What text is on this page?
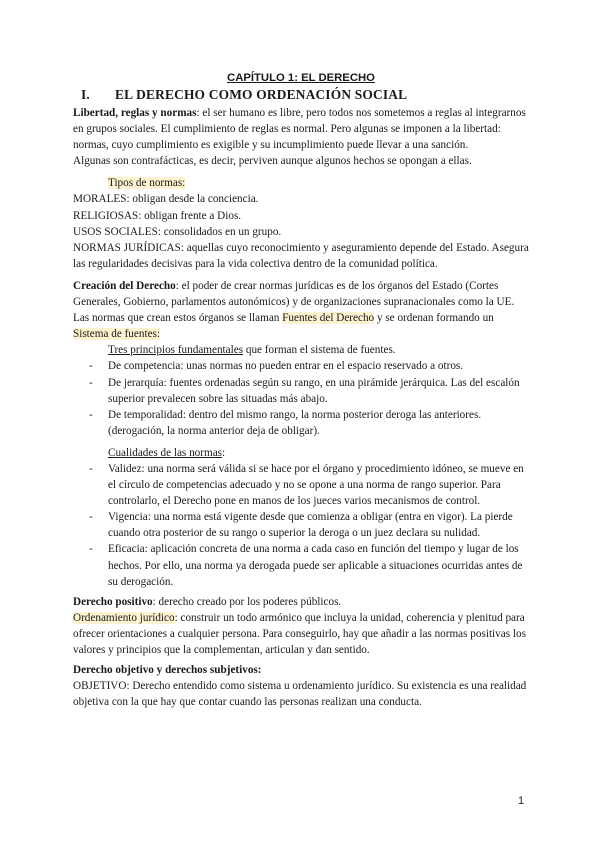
CAPÍTULO 1: EL DERECHO

I. EL DERECHO COMO ORDENACIÓN SOCIAL

Libertad, reglas y normas: el ser humano es libre, pero todos nos sometemos a reglas al integrarnos en grupos sociales. El cumplimiento de reglas es normal. Pero algunas se imponen a la libertad: normas, cuyo cumplimiento es exigible y su incumplimiento puede llevar a una sanción.

Algunas son contrafácticas, es decir, perviven aunque algunos hechos se opongan a ellas.

Tipos de normas:

MORALES: obligan desde la conciencia.

RELIGIOSAS: obligan frente a Dios.

USOS SOCIALES: consolidados en un grupo.

NORMAS JURÍDICAS: aquellas cuyo reconocimiento y aseguramiento depende del Estado. Asegura las regularidades decisivas para la vida colectiva dentro de la comunidad política.

Creación del Derecho: el poder de crear normas jurídicas es de los órganos del Estado (Cortes Generales, Gobierno, parlamentos autonómicos) y de organizaciones supranacionales como la UE.

Las normas que crean estos órganos se llaman Fuentes del Derecho y se ordenan formando un Sistema de fuentes:

Tres principios fundamentales que forman el sistema de fuentes.

- De competencia: unas normas no pueden entrar en el espacio reservado a otros.
- De jerarquía: fuentes ordenadas según su rango, en una pirámide jerárquica. Las del escalón superior prevalecen sobre las situadas más abajo.
- De temporalidad: dentro del mismo rango, la norma posterior deroga las anteriores. (derogación, la norma anterior deja de obligar).

Cualidades de las normas:

- Validez: una norma será válida si se hace por el órgano y procedimiento idóneo, se mueve en el círculo de competencias adecuado y no se opone a una norma de rango superior. Para controlarlo, el Derecho pone en manos de los jueces varios mecanismos de control.
- Vigencia: una norma está vigente desde que comienza a obligar (entra en vigor). La pierde cuando otra posterior de su rango o superior la deroga o un juez declara su nulidad.
- Eficacia: aplicación concreta de una norma a cada caso en función del tiempo y lugar de los hechos. Por ello, una norma ya derogada puede ser aplicable a situaciones ocurridas antes de su derogación.

Derecho positivo: derecho creado por los poderes públicos.

Ordenamiento jurídico: construir un todo armónico que incluya la unidad, coherencia y plenitud para ofrecer orientaciones a cualquier persona. Para conseguirlo, hay que añadir a las normas positivas los valores y principios que la complementan, articulan y dan sentido.

Derecho objetivo y derechos subjetivos:

OBJETIVO: Derecho entendido como sistema u ordenamiento jurídico. Su existencia es una realidad objetiva con la que hay que contar cuando las personas realizan una conducta.

1
